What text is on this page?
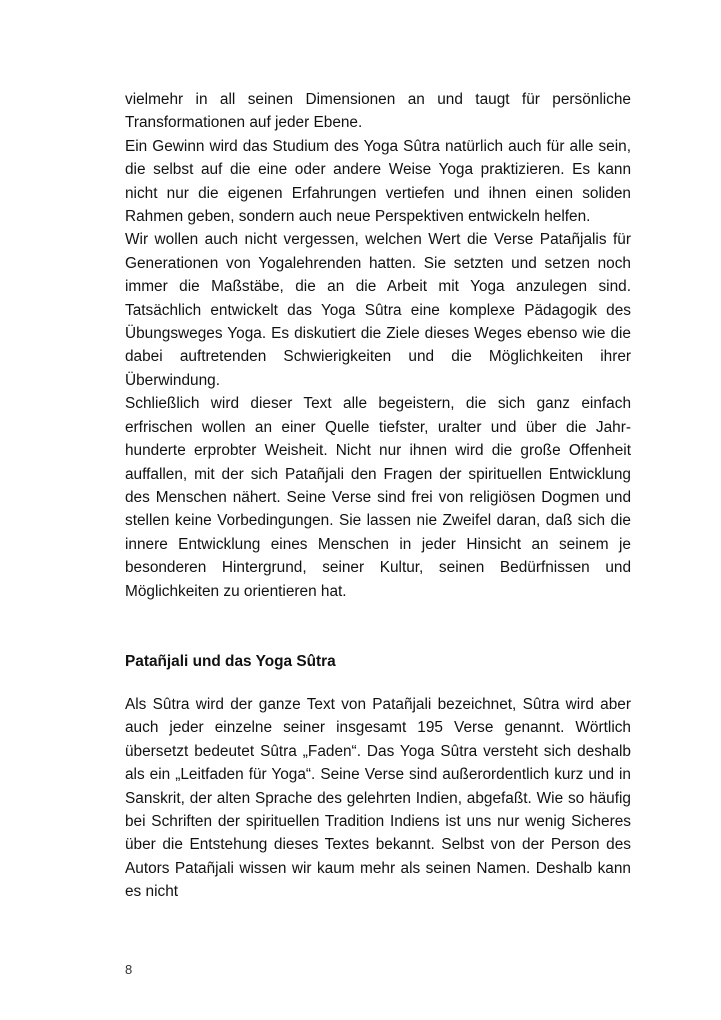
vielmehr in all seinen Dimensionen an und taugt für persönliche Transformationen auf jeder Ebene.

Ein Gewinn wird das Studium des Yoga Sûtra natürlich auch für alle sein, die selbst auf die eine oder andere Weise Yoga praktizieren. Es kann nicht nur die eigenen Erfahrungen vertiefen und ihnen einen soliden Rahmen geben, sondern auch neue Perspektiven entwickeln helfen.

Wir wollen auch nicht vergessen, welchen Wert die Verse Patañjalis für Generationen von Yogalehrenden hatten. Sie setzten und setzen noch immer die Maßstäbe, die an die Arbeit mit Yoga anzulegen sind. Tatsächlich entwickelt das Yoga Sûtra eine komplexe Pädagogik des Übungsweges Yoga. Es diskutiert die Ziele dieses Weges ebenso wie die dabei auftretenden Schwierigkeiten und die Möglichkeiten ihrer Überwindung.

Schließlich wird dieser Text alle begeistern, die sich ganz einfach erfrischen wollen an einer Quelle tiefster, uralter und über die Jahrhunderte erprobter Weisheit. Nicht nur ihnen wird die große Offenheit auffallen, mit der sich Patañjali den Fragen der spirituellen Entwicklung des Menschen nähert. Seine Verse sind frei von religiösen Dogmen und stellen keine Vorbedingungen. Sie lassen nie Zweifel daran, daß sich die innere Entwicklung eines Menschen in jeder Hinsicht an seinem je besonderen Hintergrund, seiner Kultur, seinen Bedürfnissen und Möglichkeiten zu orientieren hat.

Patañjali und das Yoga Sûtra

Als Sûtra wird der ganze Text von Patañjali bezeichnet, Sûtra wird aber auch jeder einzelne seiner insgesamt 195 Verse genannt. Wörtlich übersetzt bedeutet Sûtra „Faden“. Das Yoga Sûtra versteht sich deshalb als ein „Leitfaden für Yoga“. Seine Verse sind außerordentlich kurz und in Sanskrit, der alten Sprache des gelehrten Indien, abgefaßt. Wie so häufig bei Schriften der spirituellen Tradition Indiens ist uns nur wenig Sicheres über die Entstehung dieses Textes bekannt. Selbst von der Person des Autors Patañjali wissen wir kaum mehr als seinen Namen. Deshalb kann es nicht

8
